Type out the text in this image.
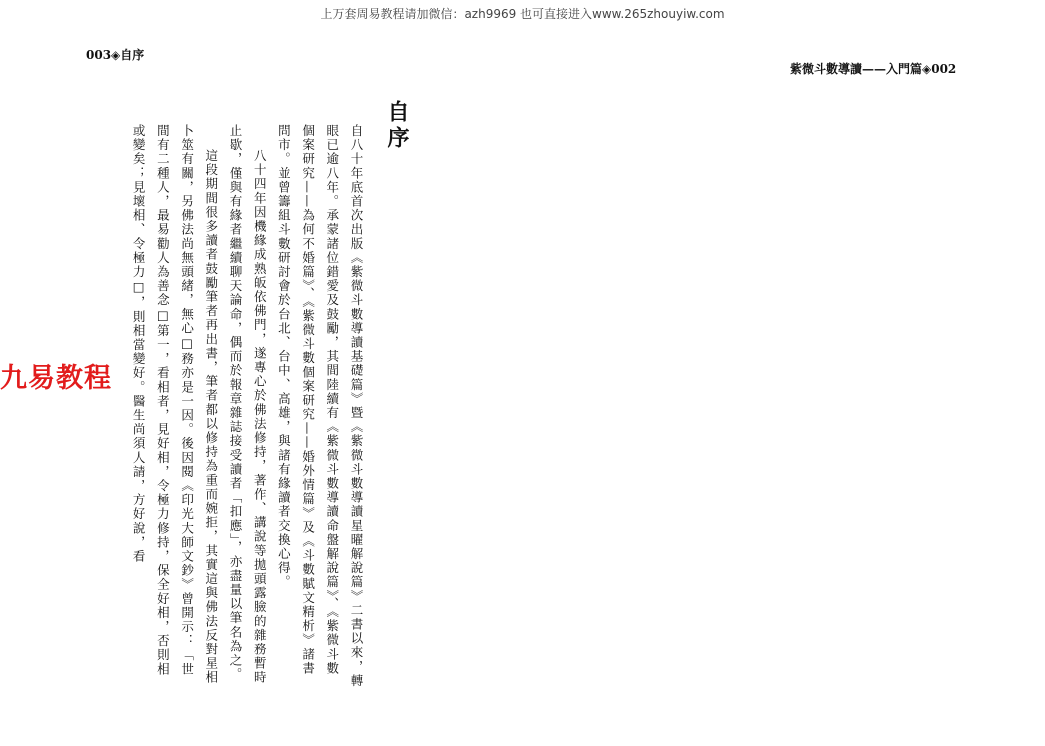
上万套周易教程请加微信：azh9969 也可直接进入www.265zhouyiw.com
003◈自序
紫微斗數導讀——入門篇◈002
自序

自八十年底首次出版《紫微斗數導讀基礎篇》暨《紫微斗數導讀星曜解說篇》二書以來，轉眼已逾八年。承蒙諸位錯愛及鼓勵，其間陸續有《紫微斗數導讀命盤解說篇》、《紫微斗數個案研究——為何不婚篇》、《紫微斗數個案研究——婚外情篇》及《斗數賦文精析》諸書問市。並曾籌組斗數研討會於台北、台中、高雄，與諸有緣讀者交換心得。

八十四年因機緣成熟皈依佛門，遂專心於佛法修持，著作、講說等拋頭露臉的雜務暫時止歇，僅與有緣者繼續聊天論命，偶而於報章雜誌接受讀者「扣應」，亦盡量以筆名為之。

這段期間很多讀者鼓勵筆者再出書，筆者都以修持為重而婉拒，其實這與佛法反對星相卜筮有關，另佛法尚無頭緒，無心□務亦是一因。後因閱《印光大師文鈔》曾開示：「世間有二種人，最易勸人為善念□第一，看相者，見好相，令極力修持，保全好相，否則相或變矣；見壞相、令極力□，則相當變好。醫生尚須人請，方好說，看

九易教程
